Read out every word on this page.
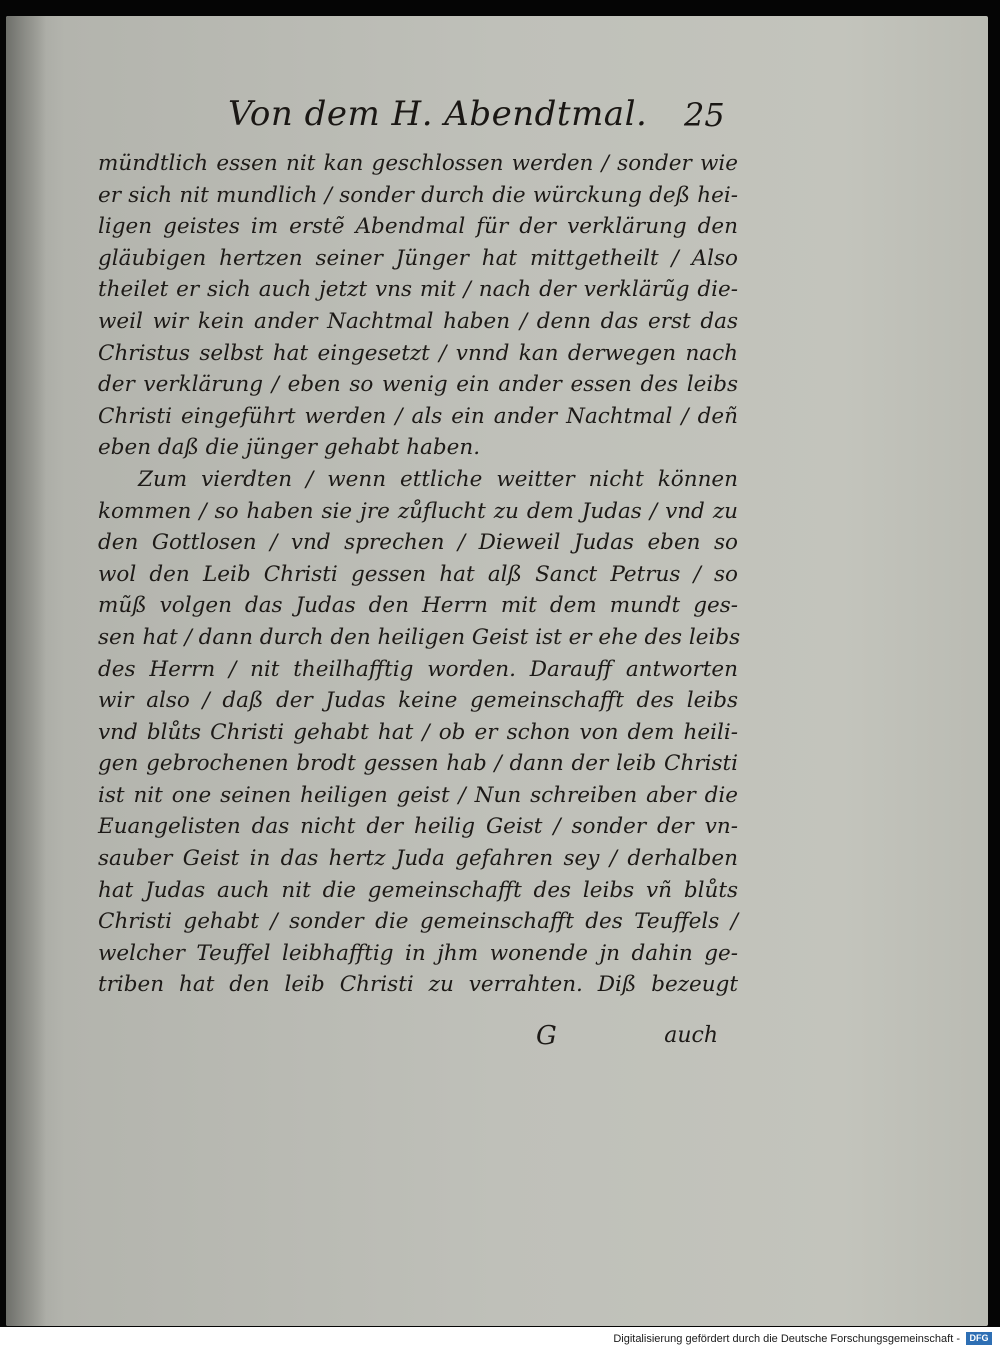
Von dem H. Abendtmal. 25
mündtlich essen nit kan geschlossen werden / sonder wie
er sich nit mundlich / sonder durch die würckung deß hei-
ligen geistes im erstẽ Abendmal für der verklärung den
gläubigen hertzen seiner Jünger hat mittgetheilt / Also
theilet er sich auch jetzt vns mit / nach der verklärũg die-
weil wir kein ander Nachtmal haben / denn das erst das
Christus selbst hat eingesetzt / vnnd kan derwegen nach
der verklärung / eben so wenig ein ander essen des leibs
Christi eingeführt werden / als ein ander Nachtmal / deñ
eben daß die jünger gehabt haben.
Zum vierdten / wenn ettliche weitter nicht können
kommen / so haben sie jre zůflucht zu dem Judas / vnd zu
den Gottlosen / vnd sprechen / Dieweil Judas eben so
wol den Leib Christi gessen hat alß Sanct Petrus / so
mũß volgen das Judas den Herrn mit dem mundt ges-
sen hat / dann durch den heiligen Geist ist er ehe des leibs
des Herrn / nit theilhafftig worden. Darauff antworten
wir also / daß der Judas keine gemeinschafft des leibs
vnd blůts Christi gehabt hat / ob er schon von dem heili-
gen gebrochenen brodt gessen hab / dann der leib Christi
ist nit one seinen heiligen geist / Nun schreiben aber die
Euangelisten das nicht der heilig Geist / sonder der vn-
sauber Geist in das hertz Juda gefahren sey / derhalben
hat Judas auch nit die gemeinschafft des leibs vñ blůts
Christi gehabt / sonder die gemeinschafft des Teuffels /
welcher Teuffel leibhafftig in jhm wonende jn dahin ge-
triben hat den leib Christi zu verrahten. Diß bezeugt
G	auch
Digitalisierung gefördert durch die Deutsche Forschungsgemeinschaft -	DFG
